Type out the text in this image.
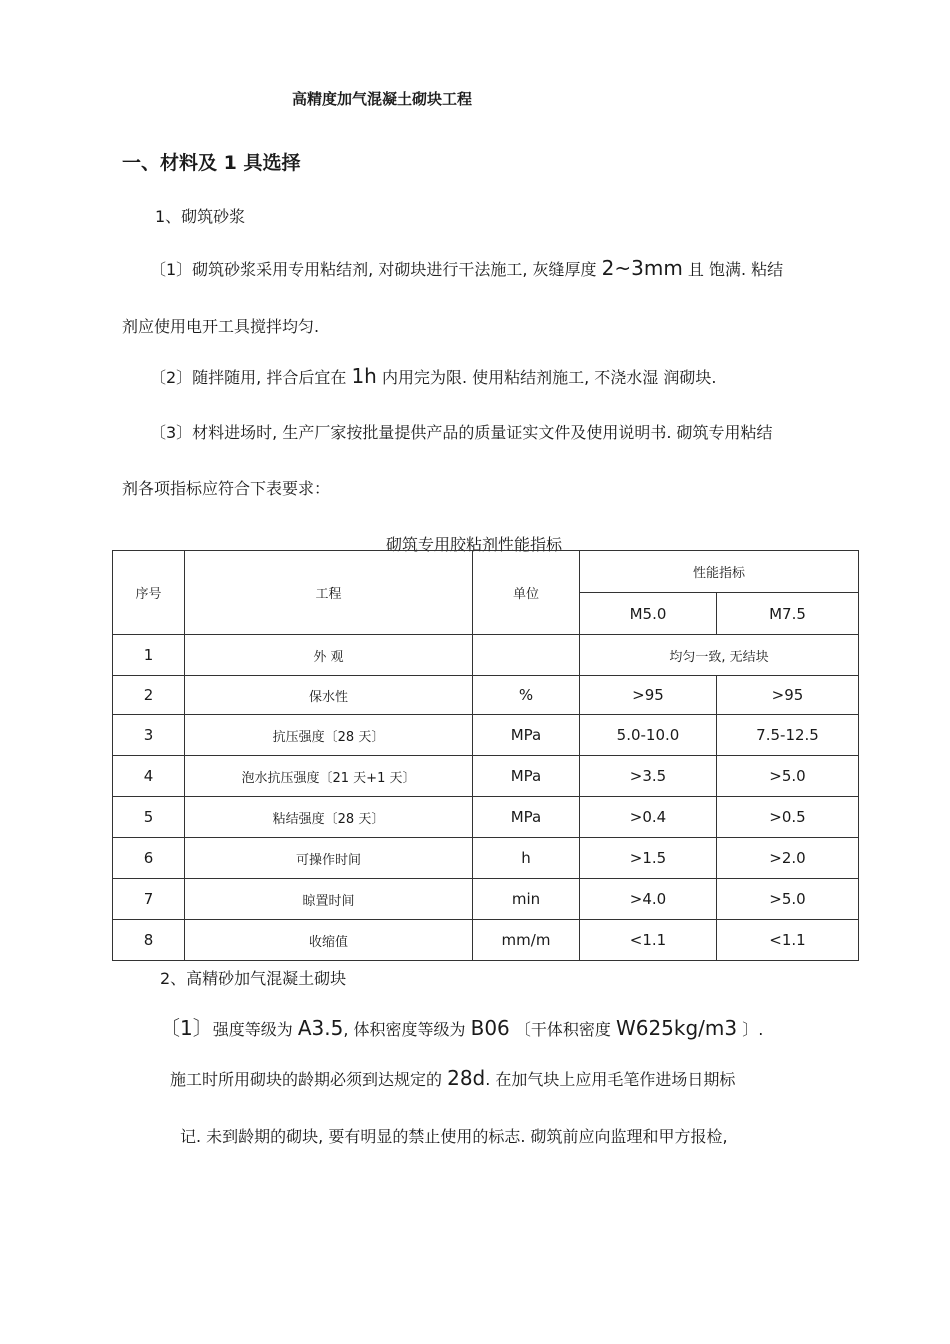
高精度加气混凝土砌块工程
一、材料及 1 具选择
1、砌筑砂浆
〔1〕砌筑砂浆采用专用粘结剂, 对砌块进行干法施工, 灰缝厚度 2~3mm 且 饱满. 粘结
剂应使用电开工具搅拌均匀.
〔2〕随拌随用, 拌合后宜在 1h 内用完为限. 使用粘结剂施工, 不浇水湿 润砌块.
〔3〕材料进场时, 生产厂家按批量提供产品的质量证实文件及使用说明书. 砌筑专用粘结
剂各项指标应符合下表要求：
砌筑专用胶粘剂性能指标
序号	工程	单位	性能指标	
			M5.0	M7.5
1	外 观		均匀一致, 无结块	
2	保水性	%	>95	>95
3	抗压强度〔28 天〕	MPa	5.0-10.0	7.5-12.5
4	泡水抗压强度〔21 天+1 天〕	MPa	>3.5	>5.0
5	粘结强度〔28 天〕	MPa	>0.4	>0.5
6	可操作时间	h	>1.5	>2.0
7	晾置时间	min	>4.0	>5.0
8	收缩值	mm/m	<1.1	<1.1
2、高精砂加气混凝土砌块
〔1〕强度等级为 A3.5, 体积密度等级为 B06 〔干体积密度 W625kg/m3 〕.
施工时所用砌块的龄期必须到达规定的 28d. 在加气块上应用毛笔作进场日期标
记. 未到龄期的砌块, 要有明显的禁止使用的标志. 砌筑前应向监理和甲方报检,
